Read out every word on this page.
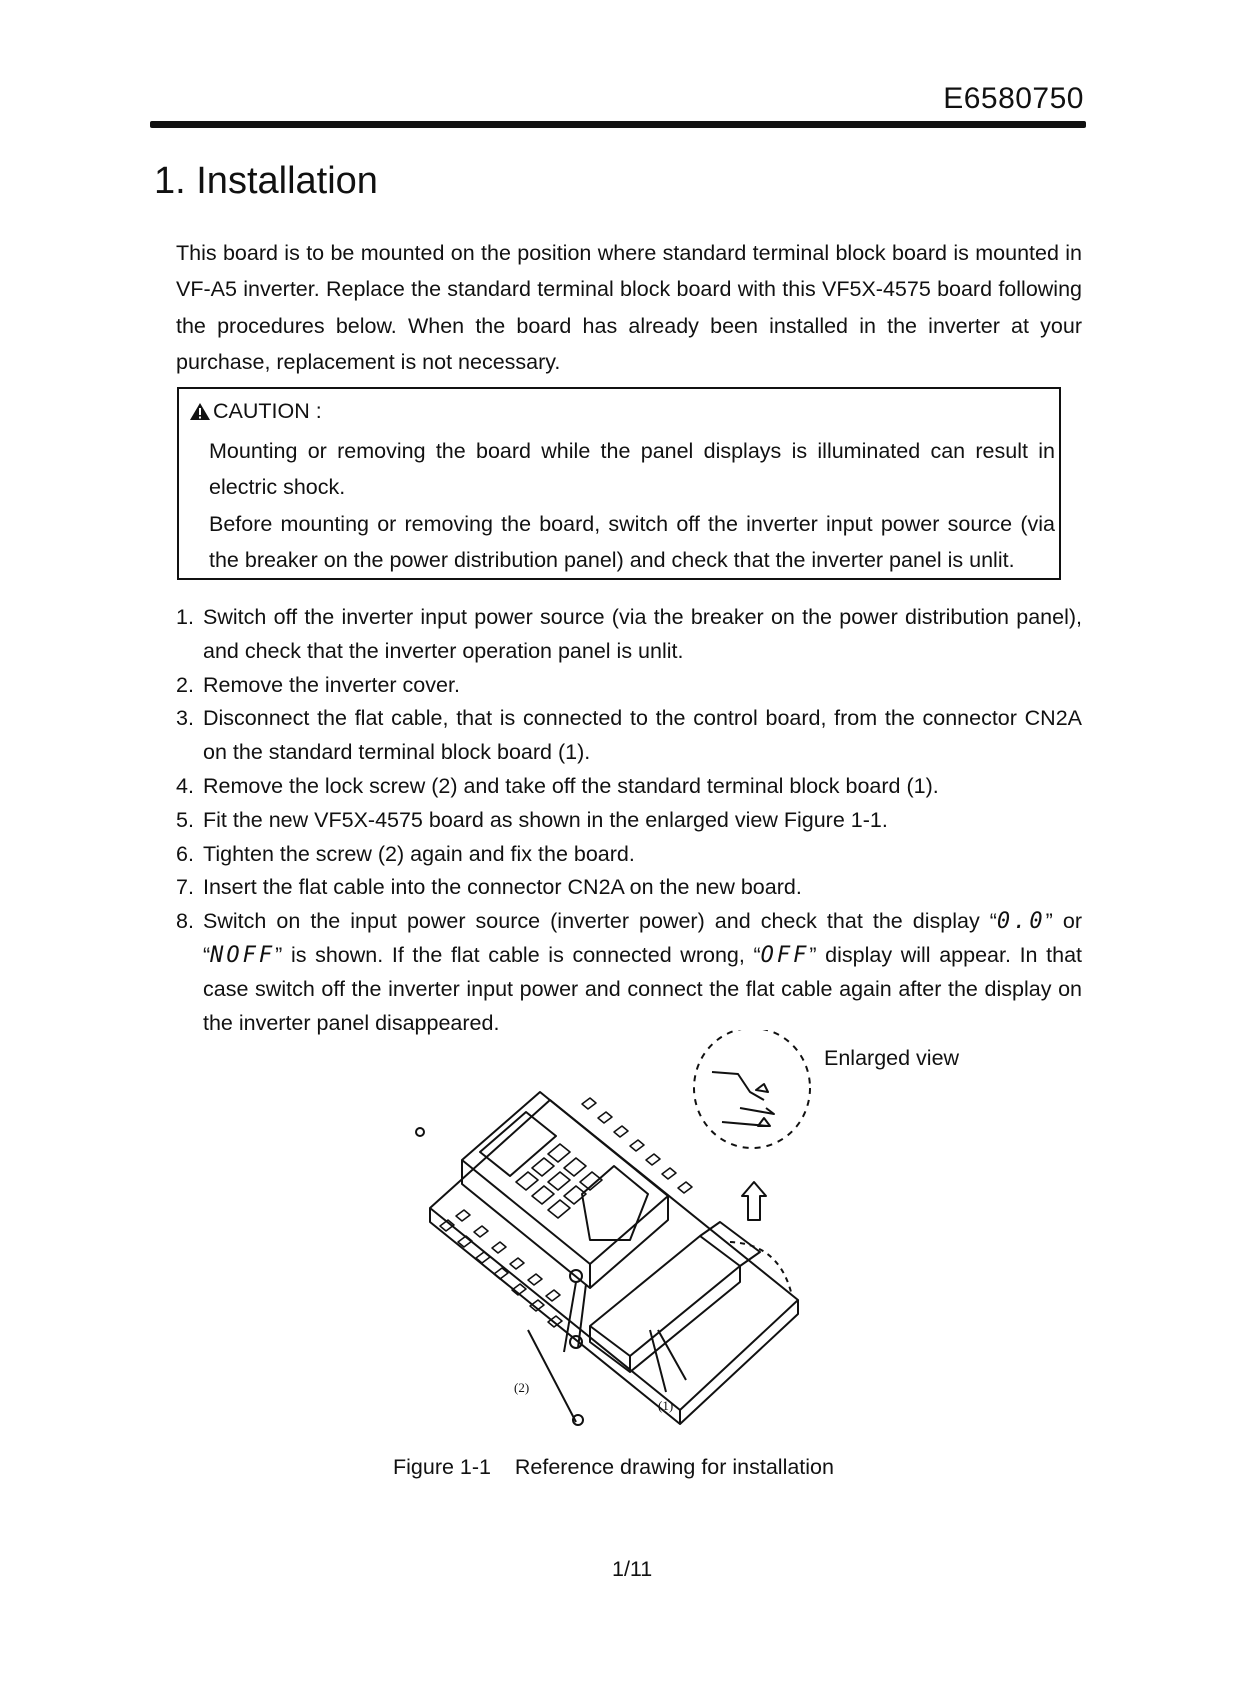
E6580750
1. Installation

This board is to be mounted on the position where standard terminal block board is mounted in VF-A5 inverter. Replace the standard terminal block board with this VF5X-4575 board following the procedures below. When the board has already been installed in the inverter at your purchase, replacement is not necessary.

CAUTION :

Mounting or removing the board while the panel displays is illuminated can result in electric shock.

Before mounting or removing the board, switch off the inverter input power source (via the breaker on the power distribution panel) and check that the inverter panel is unlit.

1. Switch off the inverter input power source (via the breaker on the power distribution panel), and check that the inverter operation panel is unlit.
2. Remove the inverter cover.
3. Disconnect the flat cable, that is connected to the control board, from the connector CN2A on the standard terminal block board (1).
4. Remove the lock screw (2) and take off the standard terminal block board (1).
5. Fit the new VF5X-4575 board as shown in the enlarged view Figure 1-1.
6. Tighten the screw (2) again and fix the board.
7. Insert the flat cable into the connector CN2A on the new board.
8. Switch on the input power source (inverter power) and check that the display “0.0” or “NOFF” is shown. If the flat cable is connected wrong, “OFF” display will appear. In that case switch off the inverter input power and connect the flat cable again after the display on the inverter panel disappeared.
Enlarged view
(2)
(1)
Figure 1-1    Reference drawing for installation
1/11
